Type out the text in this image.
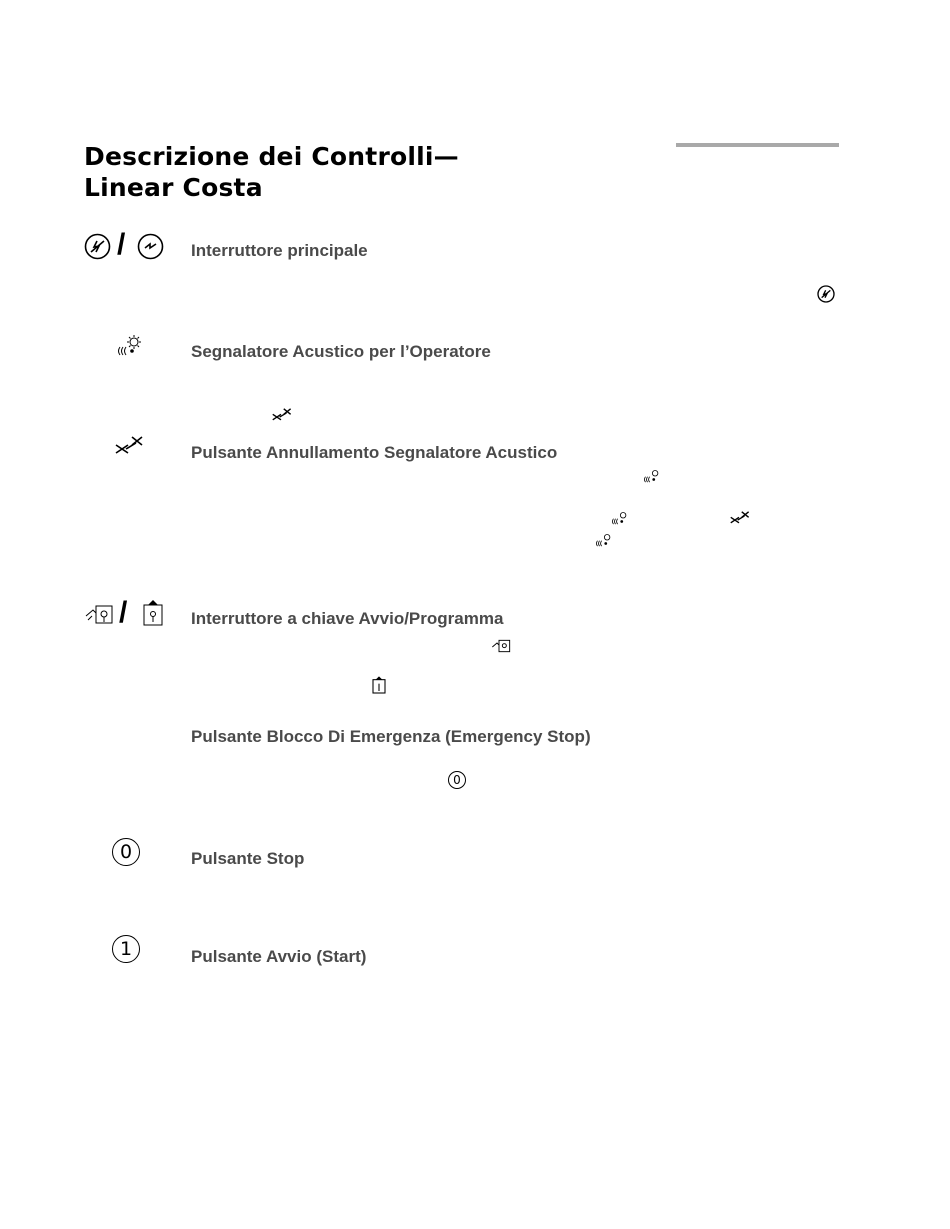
Descrizione dei Controlli—
Linear Costa
/	Interruttore principale
Segnalatore Acustico per l’Operatore
Pulsante Annullamento Segnalatore Acustico
/	Interruttore a chiave Avvio/Programma
Pulsante Blocco Di Emergenza (Emergency Stop)
0
0	Pulsante Stop
1	Pulsante Avvio (Start)
